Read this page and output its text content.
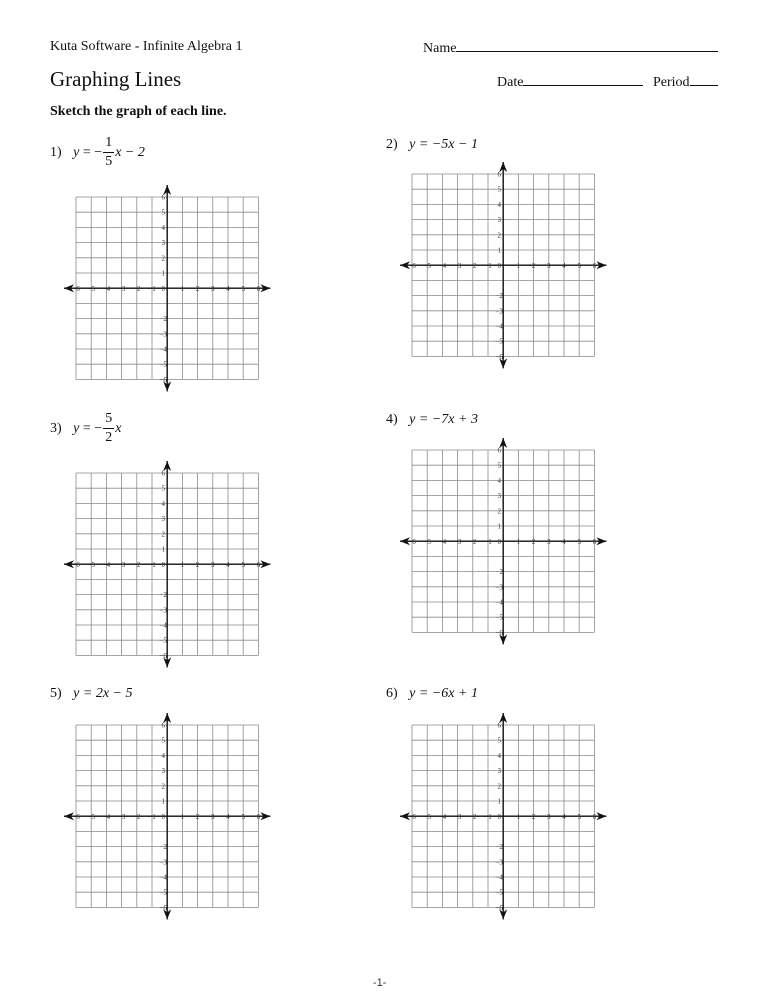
Kuta Software - Infinite Algebra 1	Name
Graphing Lines	Date	Period
Sketch the graph of each line.
1) y = − $\frac{1}{5}$ x − 2
2) y = −5x − 1
3) y = − $\frac{5}{2}$ x
4) y = −7x + 3
5) y = 2x − 5	6) y = −6x + 1
−6 −5 −4 −3 −2 −1 0 1 2 3 4 5 6
6
5
4
3
2
1
−2
−3
−4
−5
−6
−6 −5 −4 −3 −2 −1 0 1 2 3 4 5 6
6
5
4
3
2
1
−2
−3
−4
−5
−6
−6 −5 −4 −3 −2 −1 0 1 2 3 4 5 6
6
5
4
3
2
1
−2
−3
−4
−5
−6
−6 −5 −4 −3 −2 −1 0 1 2 3 4 5 6
6
5
4
3
2
1
−2
−3
−4
−5
−6
−6 −5 −4 −3 −2 −1 0 1 2 3 4 5 6
6
5
4
3
2
1
−2
−3
−4
−5
−6
−6 −5 −4 −3 −2 −1 0 1 2 3 4 5 6
6
5
4
3
2
1
−2
−3
−4
−5
−6
-1-
